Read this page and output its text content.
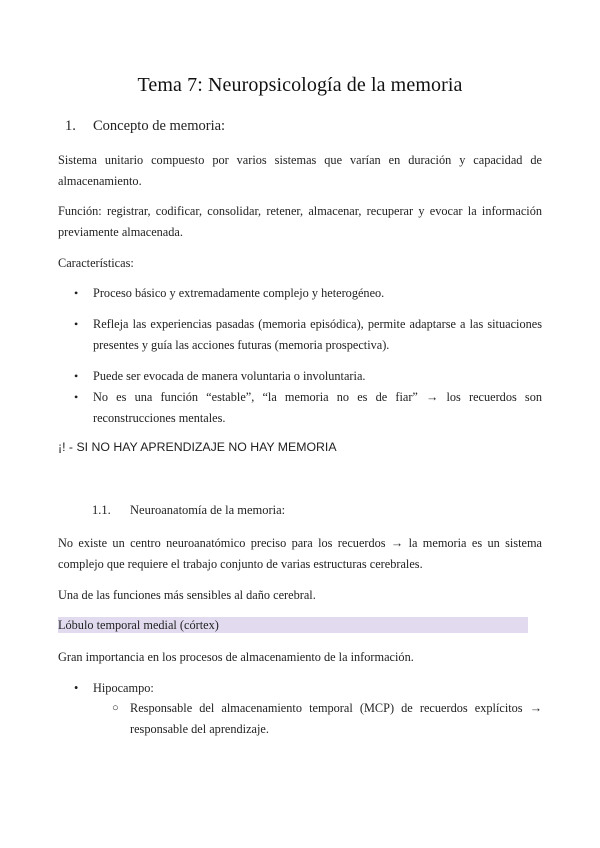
Tema 7: Neuropsicología de la memoria
1. Concepto de memoria:
Sistema unitario compuesto por varios sistemas que varían en duración y capacidad de almacenamiento.
Función: registrar, codificar, consolidar, retener, almacenar, recuperar y evocar la información previamente almacenada.
Características:
• Proceso básico y extremadamente complejo y heterogéneo.
• Refleja las experiencias pasadas (memoria episódica), permite adaptarse a las situaciones presentes y guía las acciones futuras (memoria prospectiva).
• Puede ser evocada de manera voluntaria o involuntaria.
• No es una función “estable”, “la memoria no es de fiar” → los recuerdos son reconstrucciones mentales.
¡! - SI NO HAY APRENDIZAJE NO HAY MEMORIA
1.1. Neuroanatomía de la memoria:
No existe un centro neuroanatómico preciso para los recuerdos → la memoria es un sistema complejo que requiere el trabajo conjunto de varias estructuras cerebrales.
Una de las funciones más sensibles al daño cerebral.
Lóbulo temporal medial (córtex)
Gran importancia en los procesos de almacenamiento de la información.
• Hipocampo:
○ Responsable del almacenamiento temporal (MCP) de recuerdos explícitos → responsable del aprendizaje.
